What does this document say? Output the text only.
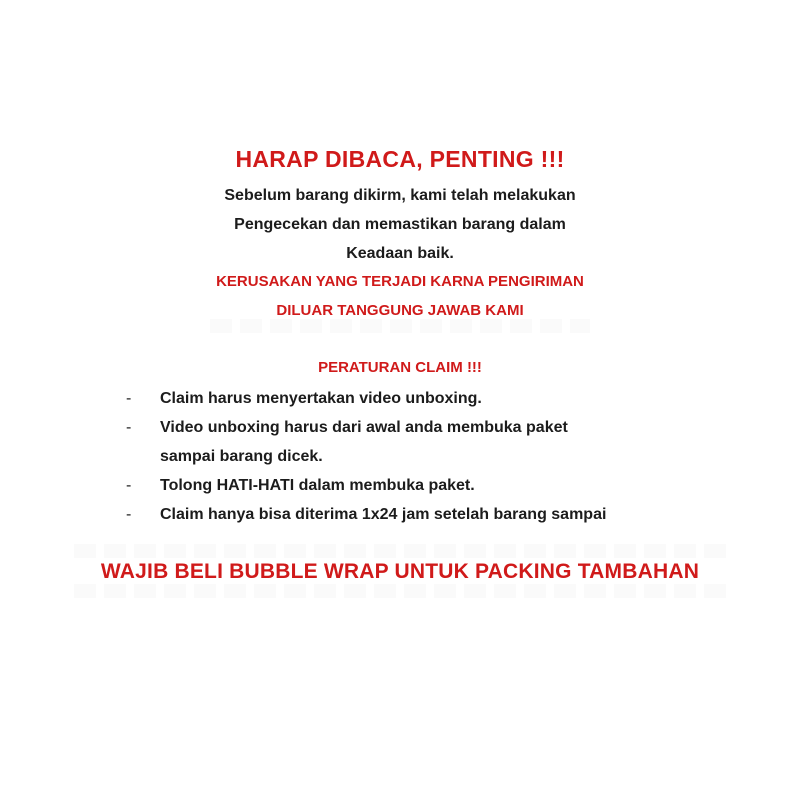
HARAP DIBACA, PENTING !!!
Sebelum barang dikirm, kami telah melakukan
Pengecekan dan memastikan barang dalam
Keadaan baik.
KERUSAKAN YANG TERJADI KARNA PENGIRIMAN
DILUAR TANGGUNG JAWAB KAMI
PERATURAN CLAIM !!!
- Claim harus menyertakan video unboxing.
- Video unboxing harus dari awal anda membuka paket
sampai barang dicek.
- Tolong HATI-HATI dalam membuka paket.
- Claim hanya bisa diterima 1x24 jam setelah barang sampai
WAJIB BELI BUBBLE WRAP UNTUK PACKING TAMBAHAN
